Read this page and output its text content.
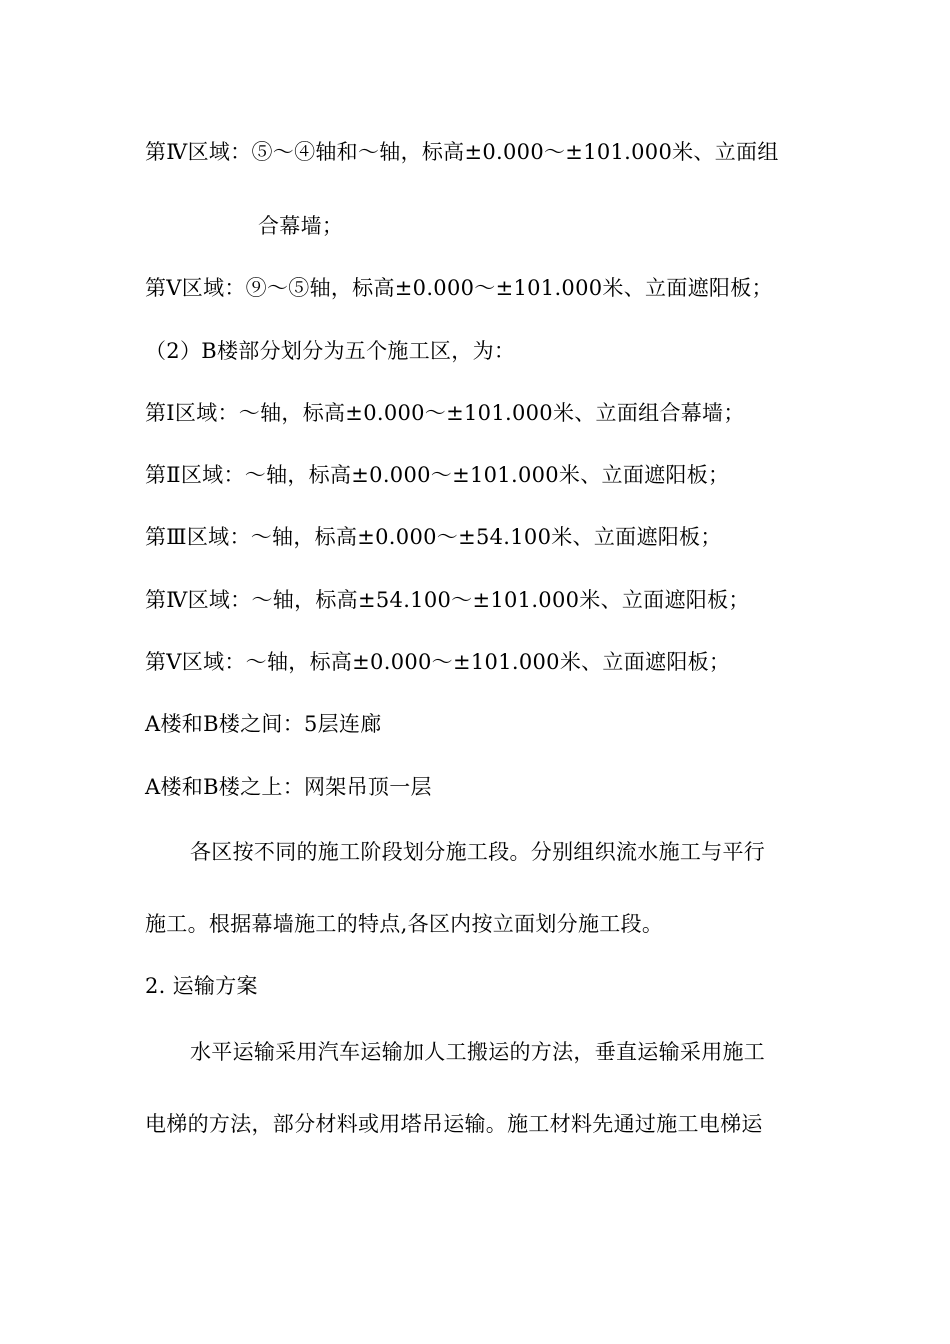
第Ⅳ区域：⑤～④轴和～轴，标高±0.000～±101.000米、立面组
合幕墙；
第Ⅴ区域：⑨～⑤轴，标高±0.000～±101.000米、立面遮阳板；
（2）B楼部分划分为五个施工区，为：
第Ⅰ区域：～轴，标高±0.000～±101.000米、立面组合幕墙；
第Ⅱ区域：～轴，标高±0.000～±101.000米、立面遮阳板；
第Ⅲ区域：～轴，标高±0.000～±54.100米、立面遮阳板；
第Ⅳ区域：～轴，标高±54.100～±101.000米、立面遮阳板；
第Ⅴ区域：～轴，标高±0.000～±101.000米、立面遮阳板；
A楼和B楼之间：5层连廊
A楼和B楼之上：网架吊顶一层
各区按不同的施工阶段划分施工段。分别组织流水施工与平行
施工。根据幕墙施工的特点,各区内按立面划分施工段。
2. 运输方案
水平运输采用汽车运输加人工搬运的方法，垂直运输采用施工
电梯的方法，部分材料或用塔吊运输。施工材料先通过施工电梯运
